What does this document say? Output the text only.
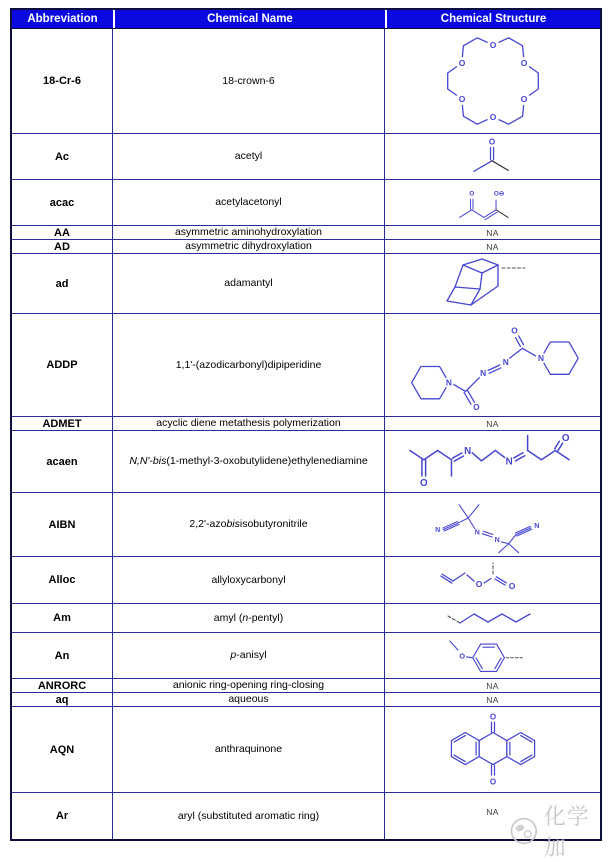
Abbreviation	Chemical Name	Chemical Structure
18-Cr-6	18-crown-6
O
O
O
O
O
O
Ac	acetyl
O
acac	acetylacetonyl
O O⊖
AA	asymmetric aminohydroxylation	NA
AD	asymmetric dihydroxylation	NA
ad	adamantyl
ADDP	1,1'-(azodicarbonyl)dipiperidine
N
O
N
N
O
N
ADMET	acyclic diene metathesis polymerization	NA
acaen	N,N'-bis (1-methyl-3-oxobutylidene)ethylenediamine
O
N
N
O
AIBN	2,2'-azo bis isobutyronitrile	N	N
N
N
Alloc	allyloxycarbonyl	O	O
Am	amyl ( n -pentyl)
An	p -anisyl	O
ANRORC	anionic ring-opening ring-closing	NA
aq	aqueous	NA
AQN	anthraquinone
O
O
Ar	aryl (substituted aromatic ring)	NA 化学加
